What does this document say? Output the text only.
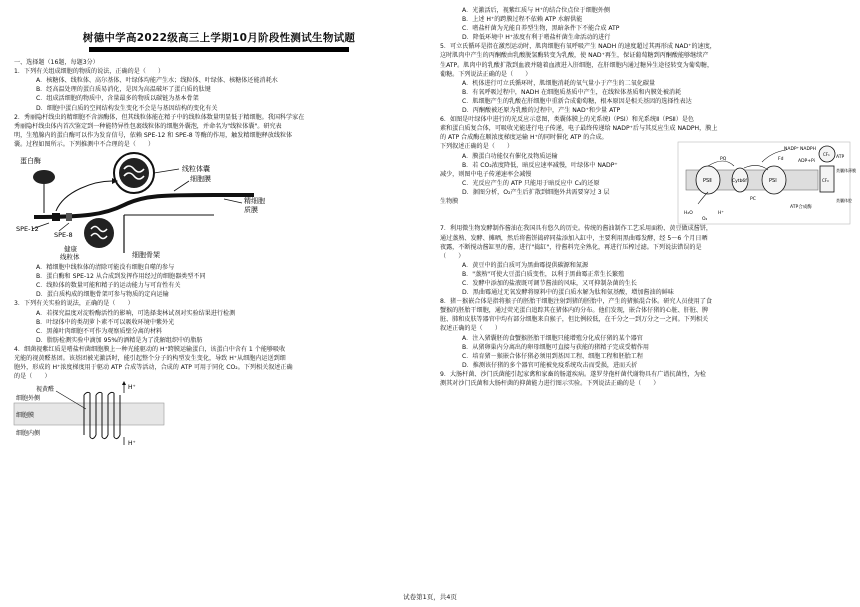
树德中学高2022级高三上学期10月阶段性测试生物试题

一、选择题（16题，每题3分）

1．下列有关组成细胞的物质的说法，正确的是（　　）

A．核糖体、线粒体、高尔基体、叶绿体均能产生水；线粒体、叶绿体、核糖体还能消耗水

B．经高温处理的蛋白质易消化，是因为高温破坏了蛋白质的肽键

C．组成活细胞的物质中，含量最多的物质以碳链为基本骨架

D．细胞中蛋白质的空间结构发生变化不会是与基因结构的变化有关

2．秀丽隐杆线虫的精细胞不含溶酶体，但其线粒体能在精子中的线粒体数量明显低于精细胞。我国科学家在

秀丽隐杆线虫体内首次鉴定到一种能特异性包裹线粒体的细胞外囊泡，并命名为"线粒体囊"。研究表

明，生殖腺内的蛋白酶可以作为发育信号，依赖 SPE-12 和 SPE-8 等酶的作用，触发精细胞释放线粒体

囊。过程如图所示。下列推测中不合理的是（　　）

蛋白酶
线粒体囊
细胞膜
精细胞
质膜
SPE-12
SPE-8
健康
线粒体	细胞骨架

A．精细胞中线粒体的清除可能没有细胞自噬的参与

B．蛋白酶和 SPE-12 从合成到发挥作用经过的细胞器类型不同

C．线粒体的数量可能和精子的运动能力与可育性有关

D．蛋白质构成的细胞骨架可参与物质的定向运输

3．下列有关实验的说法，正确的是（　　）

A．若探究温度对淀粉酶活性的影响，可选择斐林试剂对实验结果进行检测

B．叶绿体中的类胡萝卜素不可以吸收环境中紫外光

C．黑藻叶肉细胞不可作为观察质壁分离的材料

D．脂肪检测实验中滴加 95%的酒精是为了洗解组织中的脂肪

4．细菌视紫红质是嗜盐杆菌细胞膜上一种光能驱动的 H⁺跨膜运输蛋白，该蛋白中含有 1 个能够吸收

光能的视黄醛基团。该基团被光激活时，能引起整个分子的构型发生变化，导致 H⁺从细胞内运送到细

胞外，形成的 H⁺浓度梯度用于驱动 ATP 合成等活动，合成的 ATP 可用于同化 CO₂。下列相关叙述正确

的是（　　）

视黄醛
细胞外侧
细胞膜
细胞内侧
H⁺
H⁺

A．光激活后，视紫红质与 H⁺的结合位点位于细胞外侧

B．上述 H⁺的跨膜过程不依赖 ATP 水解供能

C．嗜盐杆菌为光能自养型生物，黑暗条件下不能合成 ATP

D．降低环境中 H⁺浓度有利于嗜盐杆菌生命活动的进行

5．可立氏循环是指在激烈运动时，肌肉细胞有氧呼吸产生 NADH 的速度超过其再形成 NAD⁺的速度，

这时肌肉中产生的丙酮酸由乳酸脱氢酶转变为乳酸，使 NAD⁺再生，保证葡萄糖到丙酮酸能够继续产

生ATP。肌肉中的乳酸扩散到血液并随着血液进入肝细胞，在肝细胞内通过糖异生途径转变为葡萄糖，

葡糖。下列说法正确的是（　　）

A．机体进行可立氏循环时，肌细胞消耗的氧气量小于产生的二氧化碳量

B．有氧呼吸过程中，NADH 在细胞质基质中产生，在线粒体基质和内膜处被消耗

C．肌细胞产生的乳酸在肝细胞中重新合成葡萄糖，根本原因是相关基因的选择性表达

D．丙酮酸被还原为乳酸的过程中，产生 NAD⁺和少量 ATP

6．如图是叶绿体中进行的光反应示意图，类囊体膜上的光系统Ⅰ（PSⅠ）和光系统Ⅱ（PSⅡ）是色

素和蛋白质复合体，可吸收光能进行电子传递，电子最终传递给 NADP⁺后与其反应生成 NADPH，膜上

的 ATP 合成酶在顺浓度梯度运输 H⁺的同时催化 ATP 的合成。

下列叙述正确的是（　　）

A．膜蛋白功能仅有催化及物质运输

B．若 CO₂浓度降低，暗反应速率减慢，叶绿体中 NADP⁺

减少，则图中电子传递速率会减慢

C．光反应产生的 ATP 只能用于暗反应中 C₃的还原

D．据图分析，O₂产生后扩散到细胞外共需要穿过 3 层

生物膜

PSⅡ	Cytb6f	PSⅠ
PQ
PC
Fd
NADP⁺ NADPH
ADP+Pi
ATP
CF₁
CF₀
ATP合成酶
H₂O
O₂
H⁺
类囊体薄膜
类囊体腔

7．利用微生物发酵制作酱油在我国具有悠久的历史。传统的酱油制作工艺采用面粉、黄豆做成酱饼，

通过蒸熟、发酵、摊晒，然后将酱饼捣碎同盐添加入缸中，主要利用黑曲霉发酵，经 5～6 个月日晒

夜露，不断搅动酱缸里的酱，进行"捣缸"，待酱料完全熟化，再进行压榨过滤。下列说法错误的是

（　　）

A．黄豆中的蛋白质可为黑曲霉提供碳源和氮源

B．"蒸熟"可使大豆蛋白质变性，以利于黑曲霉正常生长繁殖

C．发酵中添加的盐液既可调节酱油的风味，又可抑制杂菌的生长

D．黑曲霉通过无氧发酵将原料中的蛋白质水解为肽和氨基酸，增加酱油的鲜味

8．猪－猴嵌合体是指将猴子的胚胎干细胞注射到猪的胚胎中，产生的猪猴混合体。研究人员使用了食

蟹猴的胚胎干细胞，通过荧光蛋白追踪其在猪体内的分布。他们发现，嵌合体仔猪的心脏、肝脏、脾

脏、肺和皮肤等器官中均有部分细胞来自猴子，但比例较低，在千分之一到万分之一之间。下列相关

叙述正确的是（　　）

A．注入猪囊胚的食蟹猴胚胎干细胞只能增殖分化成仔猪的某个器官

B．从猪卵巢内分离出的卵母细胞可直接与获能的猪精子完成受精作用

C．培育猪－猴嵌合体仔猪必须用到基因工程、细胞工程和胚胎工程

D．推测该仔猪的多个器官可能被免疫系统攻击而受损，进而夭折

9．大肠杆菌、沙门氏菌能引起家禽和家畜的肠道疾病。遂罗芽孢杆菌代谢物具有广谱抗菌性，为检

测其对沙门氏菌和大肠杆菌的抑菌能力进行图示实验。下列说法正确的是（　　）

试卷第1页，共4页
